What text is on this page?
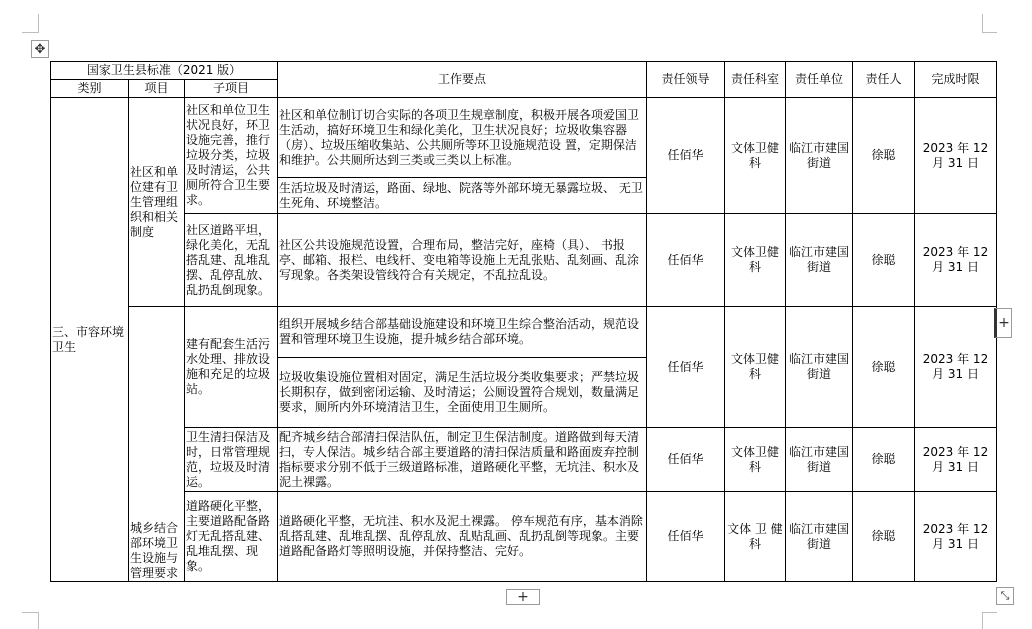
✥
国家卫生县标准（2021 版）			工作要点	责任领导	责任科室	责任单位	责任人	完成时限
类别	项目	子项目						
三、市容环境卫生	社区和单位建有卫生管理组织和相关制度	社区和单位卫生状况良好，环卫设施完善，推行垃圾分类，垃圾及时清运，公共厕所符合卫生要求。	社区和单位制订切合实际的各项卫生规章制度，积极开展各项爱国卫生活动，搞好环境卫生和绿化美化，卫生状况良好；垃圾收集容器（房）、垃圾压缩收集站、公共厕所等环卫设施规范设 置，定期保洁和维护。公共厕所达到三类或三类以上标准。	任佰华	文体卫健科	临江市建国街道	徐聪	2023 年 12 月 31 日
			生活垃圾及时清运，路面、绿地、院落等外部环境无暴露垃圾、 无卫生死角、环境整洁。					
		社区道路平坦，绿化美化，无乱搭乱建、乱堆乱摆、乱停乱放、乱扔乱倒现象。	社区公共设施规范设置，合理布局，整洁完好，座椅（具）、 书报亭、邮箱、报栏、电线杆、变电箱等设施上无乱张贴、乱刻画、乱涂写现象。各类架设管线符合有关规定，不乱拉乱设。	任佰华	文体卫健科	临江市建国街道	徐聪	2023 年 12 月 31 日
	城乡结合部环境卫生设施与管理要求	建有配套生活污水处理、排放设施和充足的垃圾站。	组织开展城乡结合部基础设施建设和环境卫生综合整治活动，规范设置和管理环境卫生设施，提升城乡结合部环境。	任佰华	文体卫健科	临江市建国街道	徐聪	2023 年 12 月 31 日
			垃圾收集设施位置相对固定，满足生活垃圾分类收集要求；严禁垃圾长期积存，做到密闭运输、及时清运；公厕设置符合规划，数量满足要求，厕所内外环境清洁卫生，全面使用卫生厕所。					
		卫生清扫保洁及时，日常管理规范，垃圾及时清运。	配齐城乡结合部清扫保洁队伍，制定卫生保洁制度。道路做到每天清扫，专人保洁。城乡结合部主要道路的清扫保洁质量和路面废弃控制指标要求分别不低于三级道路标准，道路硬化平整，无坑洼、积水及泥土裸露。	任佰华	文体卫健科	临江市建国街道	徐聪	2023 年 12 月 31 日
		道路硬化平整，主要道路配备路灯无乱搭乱建、乱堆乱摆、现象。	道路硬化平整，无坑洼、积水及泥土裸露。 停车规范有序，基本消除乱搭乱建、乱堆乱摆、乱停乱放、乱贴乱画、乱扔乱倒等现象。主要道路配备路灯等照明设施，并保持整洁、完好。	任佰华	文体 卫 健科	临江市建国街道	徐聪	2023 年 12 月 31 日
+
+	⤡
